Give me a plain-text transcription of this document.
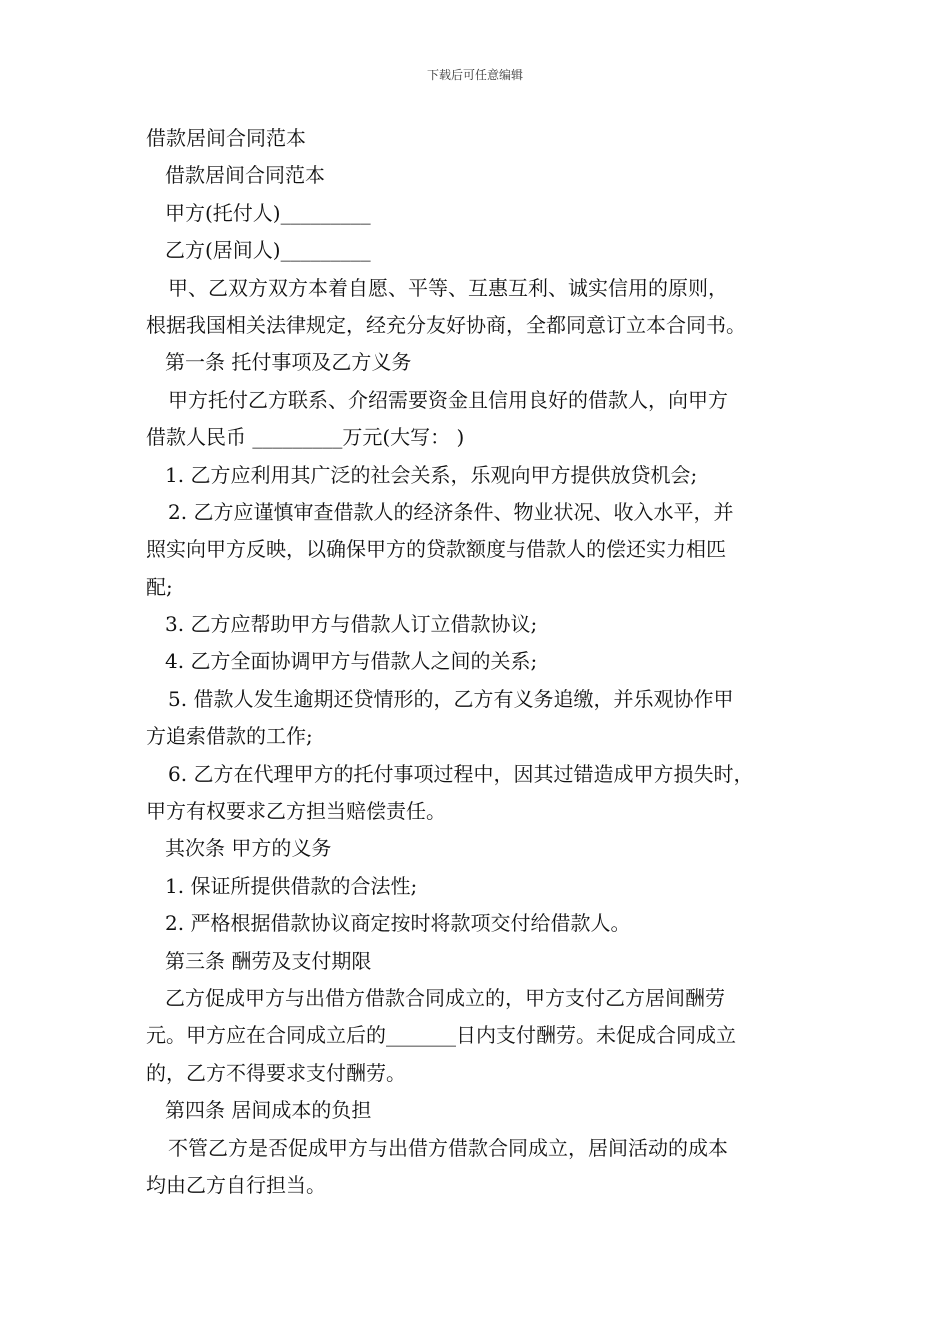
下载后可任意编辑

借款居间合同范本

借款居间合同范本

甲方(托付人)_________

乙方(居间人)_________

甲、乙双方双方本着自愿、平等、互惠互利、诚实信用的原则，

根据我国相关法律规定，经充分友好协商，全都同意订立本合同书。

第一条 托付事项及乙方义务

甲方托付乙方联系、介绍需要资金且信用良好的借款人，向甲方

借款人民币 _________万元(大写： )

1. 乙方应利用其广泛的社会关系，乐观向甲方提供放贷机会;

2. 乙方应谨慎审查借款人的经济条件、物业状况、收入水平，并

照实向甲方反映，以确保甲方的贷款额度与借款人的偿还实力相匹

配;

3. 乙方应帮助甲方与借款人订立借款协议;

4. 乙方全面协调甲方与借款人之间的关系;

5. 借款人发生逾期还贷情形的，乙方有义务追缴，并乐观协作甲

方追索借款的工作;

6. 乙方在代理甲方的托付事项过程中，因其过错造成甲方损失时，

甲方有权要求乙方担当赔偿责任。

其次条 甲方的义务

1. 保证所提供借款的合法性;

2. 严格根据借款协议商定按时将款项交付给借款人。

第三条 酬劳及支付期限

乙方促成甲方与出借方借款合同成立的，甲方支付乙方居间酬劳

元。甲方应在合同成立后的_______日内支付酬劳。未促成合同成立

的，乙方不得要求支付酬劳。

第四条 居间成本的负担

不管乙方是否促成甲方与出借方借款合同成立，居间活动的成本

均由乙方自行担当。
